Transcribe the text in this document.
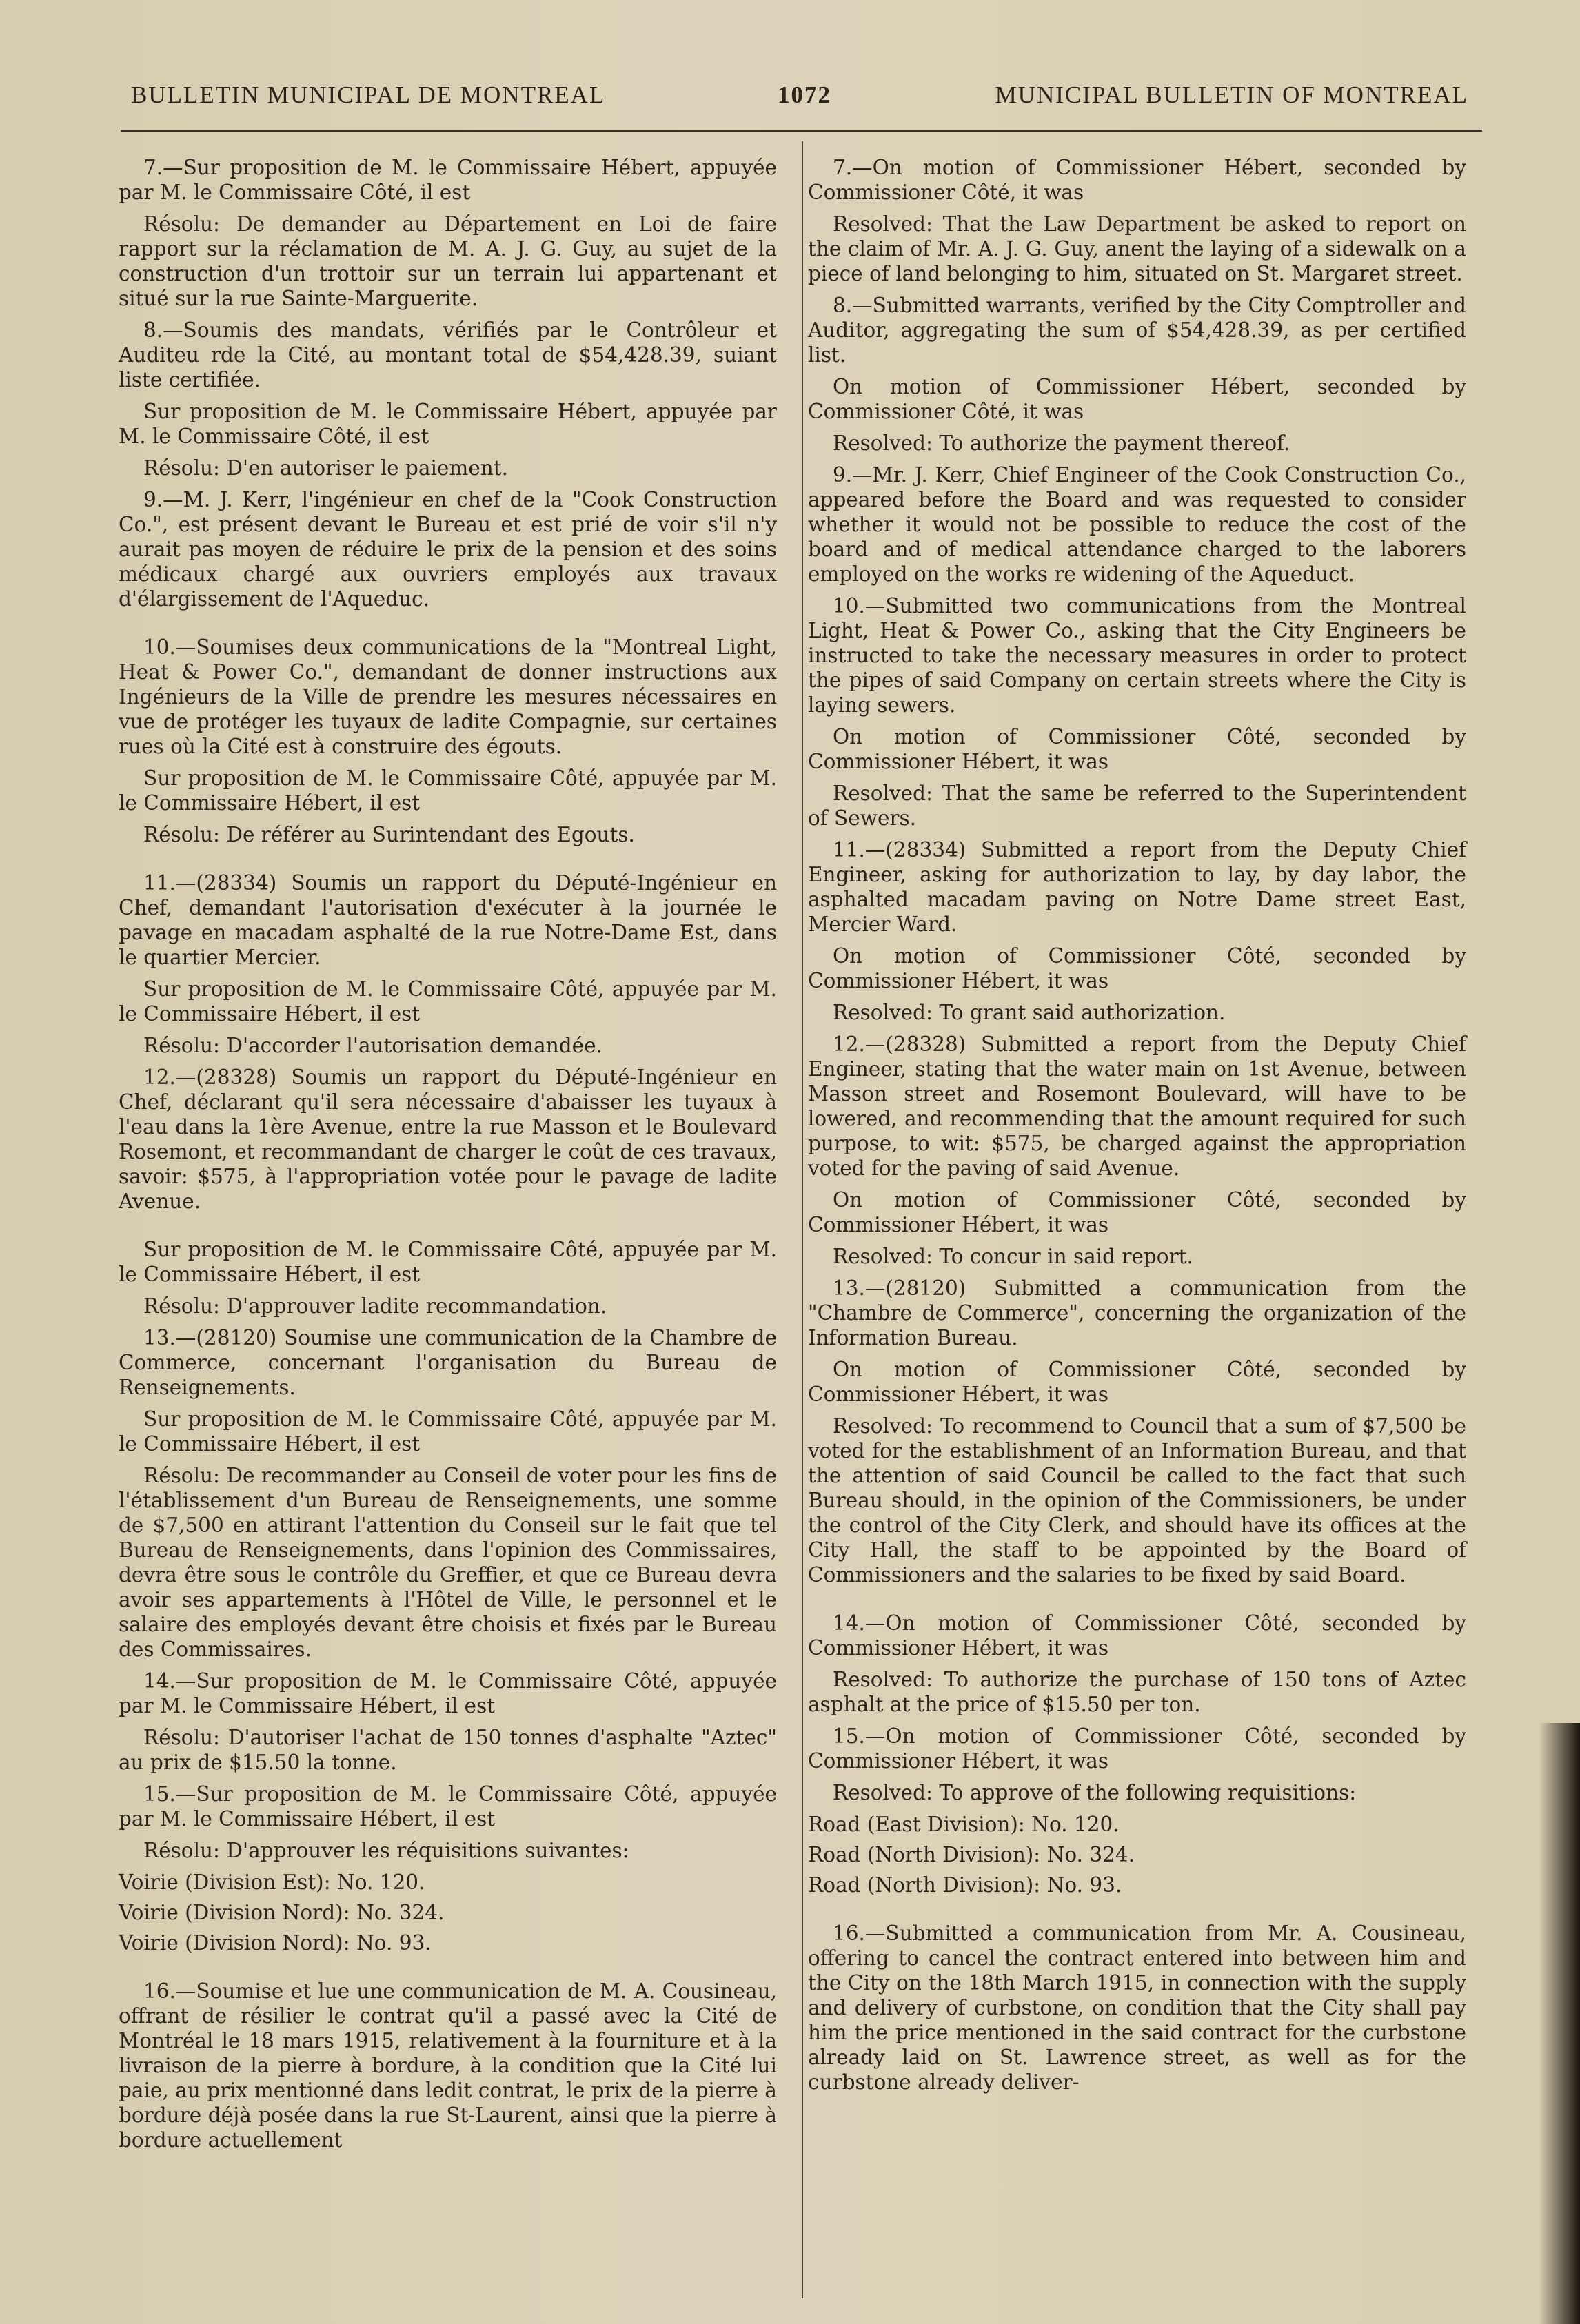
BULLETIN MUNICIPAL DE MONTREAL	1072	MUNICIPAL BULLETIN OF MONTREAL

7.—Sur proposition de M. le Commissaire Hébert, appuyée par M. le Commissaire Côté, il est

Résolu: De demander au Département en Loi de faire rapport sur la réclamation de M. A. J. G. Guy, au sujet de la construction d'un trottoir sur un terrain lui appartenant et situé sur la rue Sainte-Marguerite.

8.—Soumis des mandats, vérifiés par le Contrôleur et Auditeu rde la Cité, au montant total de $54,428.39, suiant liste certifiée.

Sur proposition de M. le Commissaire Hébert, appuyée par M. le Commissaire Côté, il est

Résolu: D'en autoriser le paiement.

9.—M. J. Kerr, l'ingénieur en chef de la "Cook Construction Co.", est présent devant le Bureau et est prié de voir s'il n'y aurait pas moyen de réduire le prix de la pension et des soins médicaux chargé aux ouvriers employés aux travaux d'élargissement de l'Aqueduc.

10.—Soumises deux communications de la "Montreal Light, Heat & Power Co.", demandant de donner instructions aux Ingénieurs de la Ville de prendre les mesures nécessaires en vue de protéger les tuyaux de ladite Compagnie, sur certaines rues où la Cité est à construire des égouts.

Sur proposition de M. le Commissaire Côté, appuyée par M. le Commissaire Hébert, il est

Résolu: De référer au Surintendant des Egouts.

11.—(28334) Soumis un rapport du Député-Ingénieur en Chef, demandant l'autorisation d'exécuter à la journée le pavage en macadam asphalté de la rue Notre-Dame Est, dans le quartier Mercier.

Sur proposition de M. le Commissaire Côté, appuyée par M. le Commissaire Hébert, il est

Résolu: D'accorder l'autorisation demandée.

12.—(28328) Soumis un rapport du Député-Ingénieur en Chef, déclarant qu'il sera nécessaire d'abaisser les tuyaux à l'eau dans la 1ère Avenue, entre la rue Masson et le Boulevard Rosemont, et recommandant de charger le coût de ces travaux, savoir: $575, à l'appropriation votée pour le pavage de ladite Avenue.

Sur proposition de M. le Commissaire Côté, appuyée par M. le Commissaire Hébert, il est

Résolu: D'approuver ladite recommandation.

13.—(28120) Soumise une communication de la Chambre de Commerce, concernant l'organisation du Bureau de Renseignements.

Sur proposition de M. le Commissaire Côté, appuyée par M. le Commissaire Hébert, il est

Résolu: De recommander au Conseil de voter pour les fins de l'établissement d'un Bureau de Renseignements, une somme de $7,500 en attirant l'attention du Conseil sur le fait que tel Bureau de Renseignements, dans l'opinion des Commissaires, devra être sous le contrôle du Greffier, et que ce Bureau devra avoir ses appartements à l'Hôtel de Ville, le personnel et le salaire des employés devant être choisis et fixés par le Bureau des Commissaires.

14.—Sur proposition de M. le Commissaire Côté, appuyée par M. le Commissaire Hébert, il est

Résolu: D'autoriser l'achat de 150 tonnes d'asphalte "Aztec" au prix de $15.50 la tonne.

15.—Sur proposition de M. le Commissaire Côté, appuyée par M. le Commissaire Hébert, il est

Résolu: D'approuver les réquisitions suivantes:

Voirie (Division Est): No. 120.
Voirie (Division Nord): No. 324.
Voirie (Division Nord): No. 93.

16.—Soumise et lue une communication de M. A. Cousineau, offrant de résilier le contrat qu'il a passé avec la Cité de Montréal le 18 mars 1915, relativement à la fourniture et à la livraison de la pierre à bordure, à la condition que la Cité lui paie, au prix mentionné dans ledit contrat, le prix de la pierre à bordure déjà posée dans la rue St-Laurent, ainsi que la pierre à bordure actuellement

7.—On motion of Commissioner Hébert, seconded by Commissioner Côté, it was

Resolved: That the Law Department be asked to report on the claim of Mr. A. J. G. Guy, anent the laying of a sidewalk on a piece of land belonging to him, situated on St. Margaret street.

8.—Submitted warrants, verified by the City Comptroller and Auditor, aggregating the sum of $54,428.39, as per certified list.

On motion of Commissioner Hébert, seconded by Commissioner Côté, it was

Resolved: To authorize the payment thereof.

9.—Mr. J. Kerr, Chief Engineer of the Cook Construction Co., appeared before the Board and was requested to consider whether it would not be possible to reduce the cost of the board and of medical attendance charged to the laborers employed on the works re widening of the Aqueduct.

10.—Submitted two communications from the Montreal Light, Heat & Power Co., asking that the City Engineers be instructed to take the necessary measures in order to protect the pipes of said Company on certain streets where the City is laying sewers.

On motion of Commissioner Côté, seconded by Commissioner Hébert, it was

Resolved: That the same be referred to the Superintendent of Sewers.

11.—(28334) Submitted a report from the Deputy Chief Engineer, asking for authorization to lay, by day labor, the asphalted macadam paving on Notre Dame street East, Mercier Ward.

On motion of Commissioner Côté, seconded by Commissioner Hébert, it was

Resolved: To grant said authorization.

12.—(28328) Submitted a report from the Deputy Chief Engineer, stating that the water main on 1st Avenue, between Masson street and Rosemont Boulevard, will have to be lowered, and recommending that the amount required for such purpose, to wit: $575, be charged against the appropriation voted for the paving of said Avenue.

On motion of Commissioner Côté, seconded by Commissioner Hébert, it was

Resolved: To concur in said report.

13.—(28120) Submitted a communication from the "Chambre de Commerce", concerning the organization of the Information Bureau.

On motion of Commissioner Côté, seconded by Commissioner Hébert, it was

Resolved: To recommend to Council that a sum of $7,500 be voted for the establishment of an Information Bureau, and that the attention of said Council be called to the fact that such Bureau should, in the opinion of the Commissioners, be under the control of the City Clerk, and should have its offices at the City Hall, the staff to be appointed by the Board of Commissioners and the salaries to be fixed by said Board.

14.—On motion of Commissioner Côté, seconded by Commissioner Hébert, it was

Resolved: To authorize the purchase of 150 tons of Aztec asphalt at the price of $15.50 per ton.

15.—On motion of Commissioner Côté, seconded by Commissioner Hébert, it was

Resolved: To approve of the following requisitions:

Road (East Division): No. 120.
Road (North Division): No. 324.
Road (North Division): No. 93.

16.—Submitted a communication from Mr. A. Cousineau, offering to cancel the contract entered into between him and the City on the 18th March 1915, in connection with the supply and delivery of curbstone, on condition that the City shall pay him the price mentioned in the said contract for the curbstone already laid on St. Lawrence street, as well as for the curbstone already deliver-
